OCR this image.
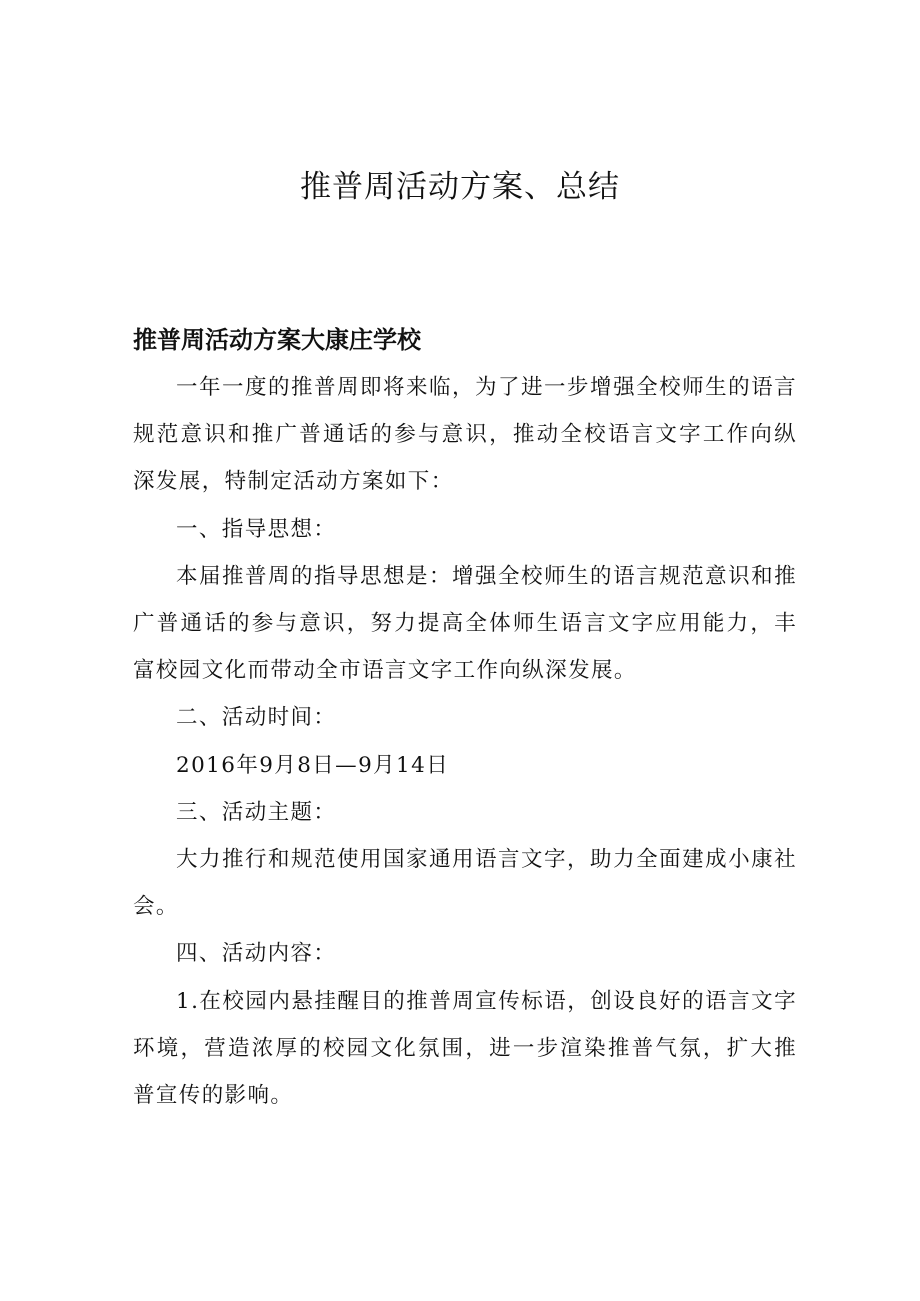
推普周活动方案、总结
推普周活动方案大康庄学校

一年一度的推普周即将来临，为了进一步增强全校师生的语言规范意识和推广普通话的参与意识，推动全校语言文字工作向纵深发展，特制定活动方案如下：

一、指导思想：

本届推普周的指导思想是：增强全校师生的语言规范意识和推广普通话的参与意识，努力提高全体师生语言文字应用能力，丰富校园文化而带动全市语言文字工作向纵深发展。

二、活动时间：

2016年9月8日—9月14日

三、活动主题：

大力推行和规范使用国家通用语言文字，助力全面建成小康社会。

四、活动内容：

1.在校园内悬挂醒目的推普周宣传标语，创设良好的语言文字环境，营造浓厚的校园文化氛围，进一步渲染推普气氛，扩大推普宣传的影响。
